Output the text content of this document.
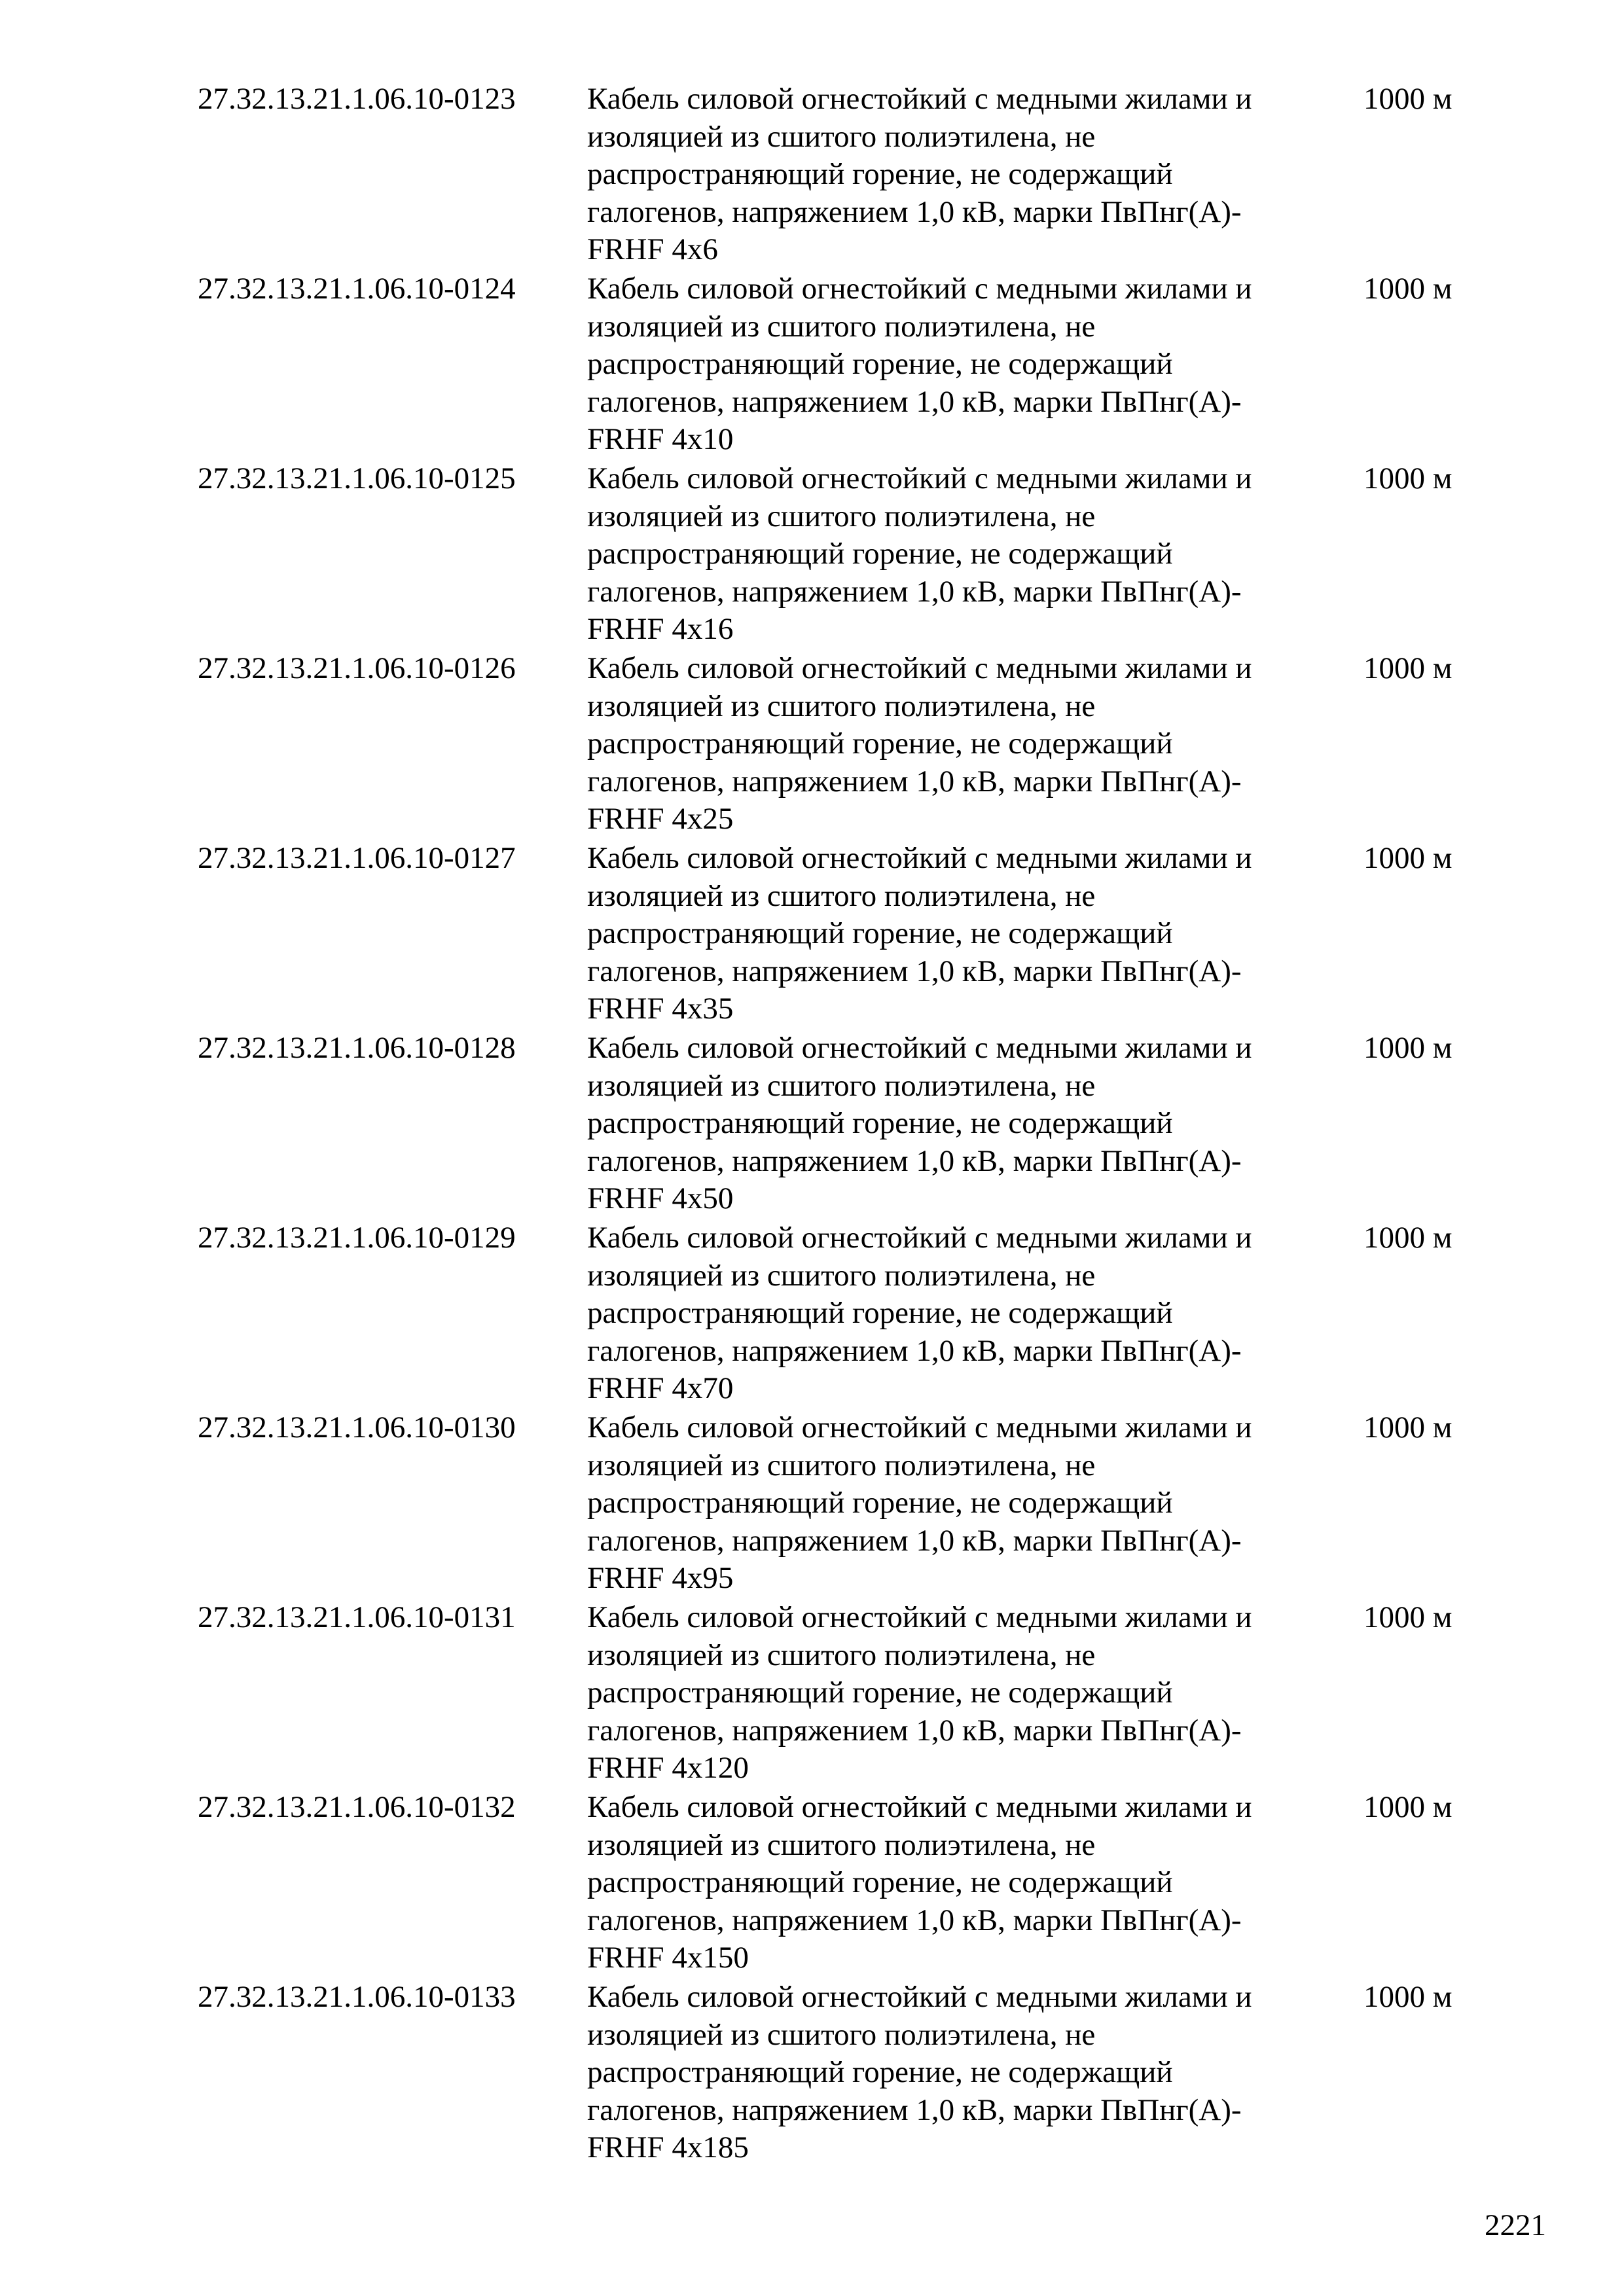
27.32.13.21.1.06.10-0123 Кабель силовой огнестойкий с медными жилами и
изоляцией из сшитого полиэтилена, не
распространяющий горение, не содержащий
галогенов, напряжением 1,0 кВ, марки ПвПнг(А)-
FRHF 4х6
1000 м
27.32.13.21.1.06.10-0124 Кабель силовой огнестойкий с медными жилами и
изоляцией из сшитого полиэтилена, не
распространяющий горение, не содержащий
галогенов, напряжением 1,0 кВ, марки ПвПнг(А)-
FRHF 4х10
1000 м
27.32.13.21.1.06.10-0125 Кабель силовой огнестойкий с медными жилами и
изоляцией из сшитого полиэтилена, не
распространяющий горение, не содержащий
галогенов, напряжением 1,0 кВ, марки ПвПнг(А)-
FRHF 4х16
1000 м
27.32.13.21.1.06.10-0126 Кабель силовой огнестойкий с медными жилами и
изоляцией из сшитого полиэтилена, не
распространяющий горение, не содержащий
галогенов, напряжением 1,0 кВ, марки ПвПнг(А)-
FRHF 4х25
1000 м
27.32.13.21.1.06.10-0127 Кабель силовой огнестойкий с медными жилами и
изоляцией из сшитого полиэтилена, не
распространяющий горение, не содержащий
галогенов, напряжением 1,0 кВ, марки ПвПнг(А)-
FRHF 4х35
1000 м
27.32.13.21.1.06.10-0128 Кабель силовой огнестойкий с медными жилами и
изоляцией из сшитого полиэтилена, не
распространяющий горение, не содержащий
галогенов, напряжением 1,0 кВ, марки ПвПнг(А)-
FRHF 4х50
1000 м
27.32.13.21.1.06.10-0129 Кабель силовой огнестойкий с медными жилами и
изоляцией из сшитого полиэтилена, не
распространяющий горение, не содержащий
галогенов, напряжением 1,0 кВ, марки ПвПнг(А)-
FRHF 4х70
1000 м
27.32.13.21.1.06.10-0130 Кабель силовой огнестойкий с медными жилами и
изоляцией из сшитого полиэтилена, не
распространяющий горение, не содержащий
галогенов, напряжением 1,0 кВ, марки ПвПнг(А)-
FRHF 4х95
1000 м
27.32.13.21.1.06.10-0131 Кабель силовой огнестойкий с медными жилами и
изоляцией из сшитого полиэтилена, не
распространяющий горение, не содержащий
галогенов, напряжением 1,0 кВ, марки ПвПнг(А)-
FRHF 4х120
1000 м
27.32.13.21.1.06.10-0132 Кабель силовой огнестойкий с медными жилами и
изоляцией из сшитого полиэтилена, не
распространяющий горение, не содержащий
галогенов, напряжением 1,0 кВ, марки ПвПнг(А)-
FRHF 4х150
1000 м
27.32.13.21.1.06.10-0133 Кабель силовой огнестойкий с медными жилами и
изоляцией из сшитого полиэтилена, не
распространяющий горение, не содержащий
галогенов, напряжением 1,0 кВ, марки ПвПнг(А)-
FRHF 4х185
1000 м
2221
